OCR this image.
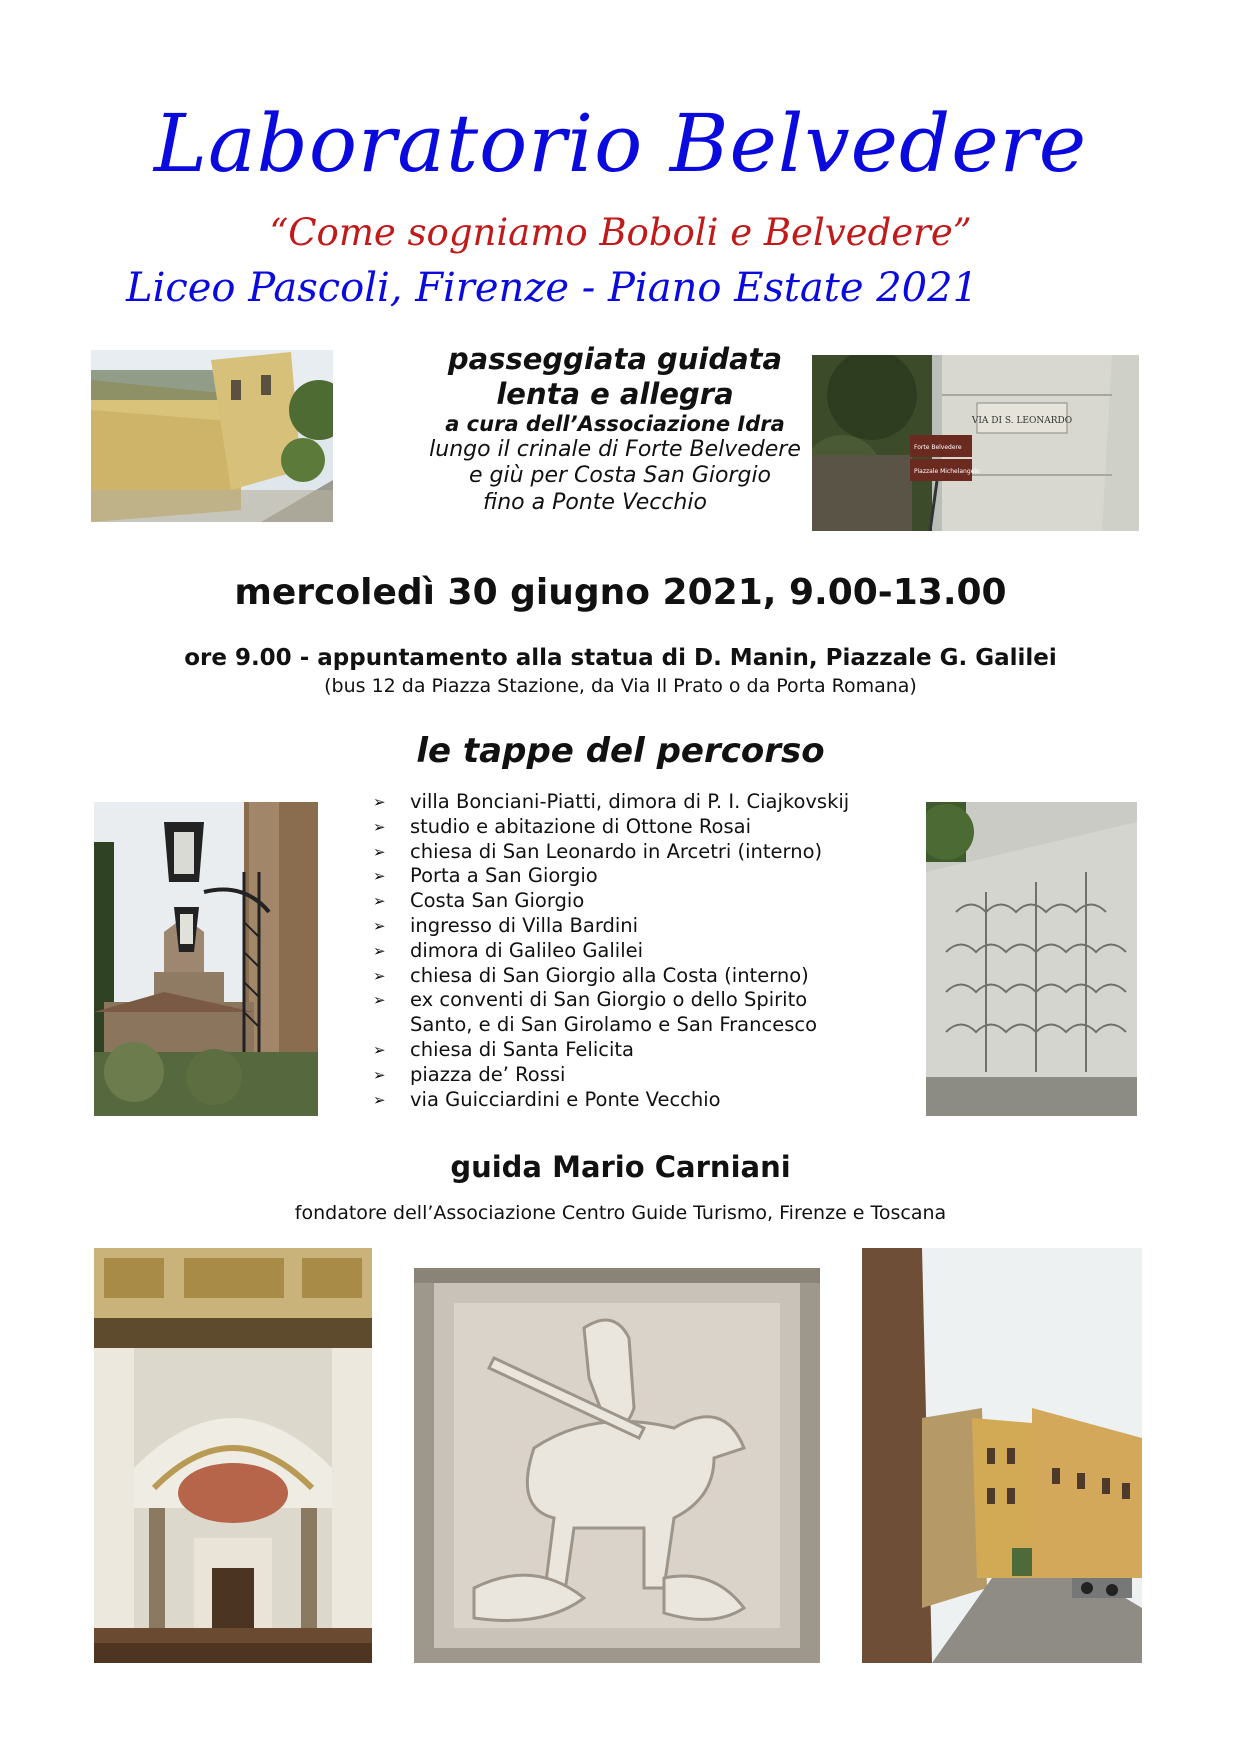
Laboratorio Belvedere
“Come sogniamo Boboli e Belvedere”
Liceo Pascoli, Firenze - Piano Estate 2021
passeggiata guidata
lenta e allegra
a cura dell’Associazione Idra
lungo il crinale di Forte Belvedere
e giù per Costa San Giorgio
fino a Ponte Vecchio
VIA DI S. LEONARDO
Forte Belvedere
Piazzale Michelangelo
mercoledì 30 giugno 2021, 9.00-13.00
ore 9.00 - appuntamento alla statua di D. Manin, Piazzale G. Galilei
(bus 12 da Piazza Stazione, da Via Il Prato o da Porta Romana)
le tappe del percorso
➢ villa Bonciani-Piatti, dimora di P. I. Ciajkovskij
➢ studio e abitazione di Ottone Rosai
➢ chiesa di San Leonardo in Arcetri (interno)
➢ Porta a San Giorgio
➢ Costa San Giorgio
➢ ingresso di Villa Bardini
➢ dimora di Galileo Galilei
➢ chiesa di San Giorgio alla Costa (interno)
➢ ex conventi di San Giorgio o dello Spirito
Santo, e di San Girolamo e San Francesco
➢ chiesa di Santa Felicita
➢ piazza de’ Rossi
➢ via Guicciardini e Ponte Vecchio
guida Mario Carniani
fondatore dell’Associazione Centro Guide Turismo, Firenze e Toscana
